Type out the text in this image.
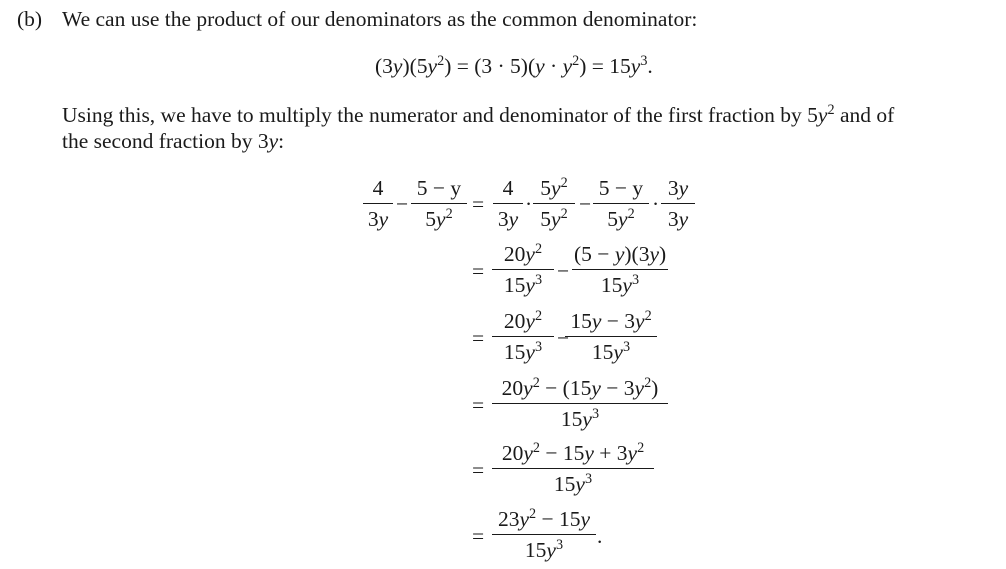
(b) We can use the product of our denominators as the common denominator:
$(3y)(5y^2) = (3 \cdot 5)(y \cdot y^2) = 15y^3$.
Using this, we have to multiply the numerator and denominator of the first fraction by $5y^2$ and of
the second fraction by 3y:
$\frac{4}{3y} - \frac{5 - y}{5y^2} = \frac{4}{3y} \cdot \frac{5y^2}{5y^2} - \frac{5 - y}{5y^2} \cdot \frac{3y}{3y}$
= $\frac{20y^2}{15y^3} - \frac{(5 - y)(3y)}{15y^3}$
= $\frac{20y^2}{15y^3}$ −
$\frac{15y - 3y^2}{15y^3}$
= $\frac{20y^2 - (15y - 3y^2)}{15y^3}$
= $\frac{20y^2 - 15y + 3y^2}{15y^3}$
= $\frac{23y^2 - 15y}{15y^3}$ .
